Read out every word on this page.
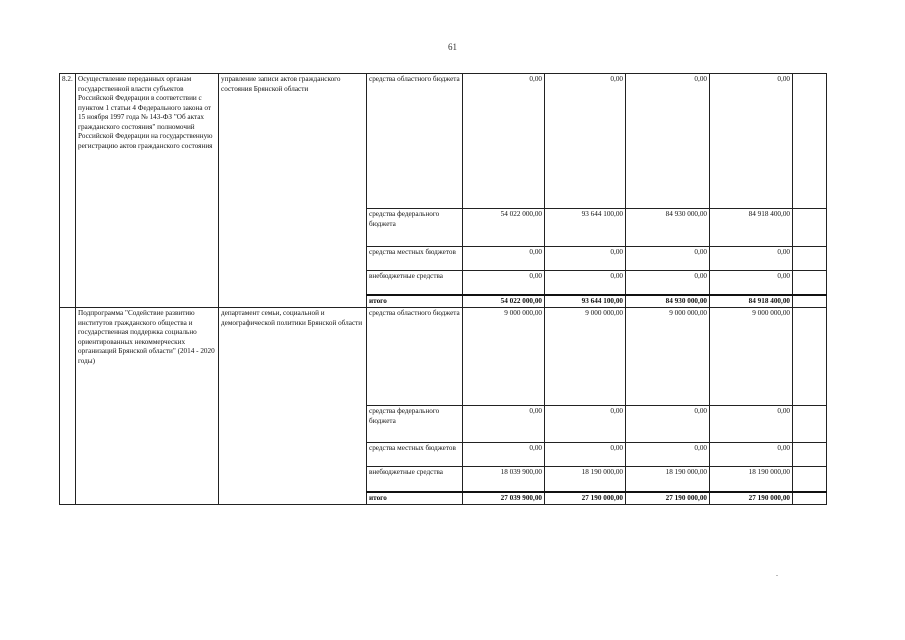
61
8.2.	Осуществление переданных органам государственной власти субъектов Российской Федерации в соответствии с пунктом 1 статьи 4 Федерального закона от 15 ноября 1997 года № 143-ФЗ "Об актах гражданского состояния" полномочий Российской Федерации на государственную регистрацию актов гражданского состояния	управление записи актов гражданского состояния Брянской области	средства областного бюджета	0,00	0,00	0,00	0,00	
			средства федерального бюджета	54 022 000,00	93 644 100,00	84 930 000,00	84 918 400,00	
			средства местных бюджетов	0,00	0,00	0,00	0,00	
			внебюджетные средства	0,00	0,00	0,00	0,00	
			итого	54 022 000,00	93 644 100,00	84 930 000,00	84 918 400,00	
	Подпрограмма "Содействие развитию институтов гражданского общества и государственная поддержка социально ориентированных некоммерческих организаций Брянской области" (2014 - 2020 годы)	департамент семьи, социальной и демографической политики Брянской области	средства областного бюджета	9 000 000,00	9 000 000,00	9 000 000,00	9 000 000,00	
			средства федерального бюджета	0,00	0,00	0,00	0,00	
			средства местных бюджетов	0,00	0,00	0,00	0,00	
			внебюджетные средства	18 039 900,00	18 190 000,00	18 190 000,00	18 190 000,00	
			итого	27 039 900,00	27 190 000,00	27 190 000,00	27 190 000,00	
